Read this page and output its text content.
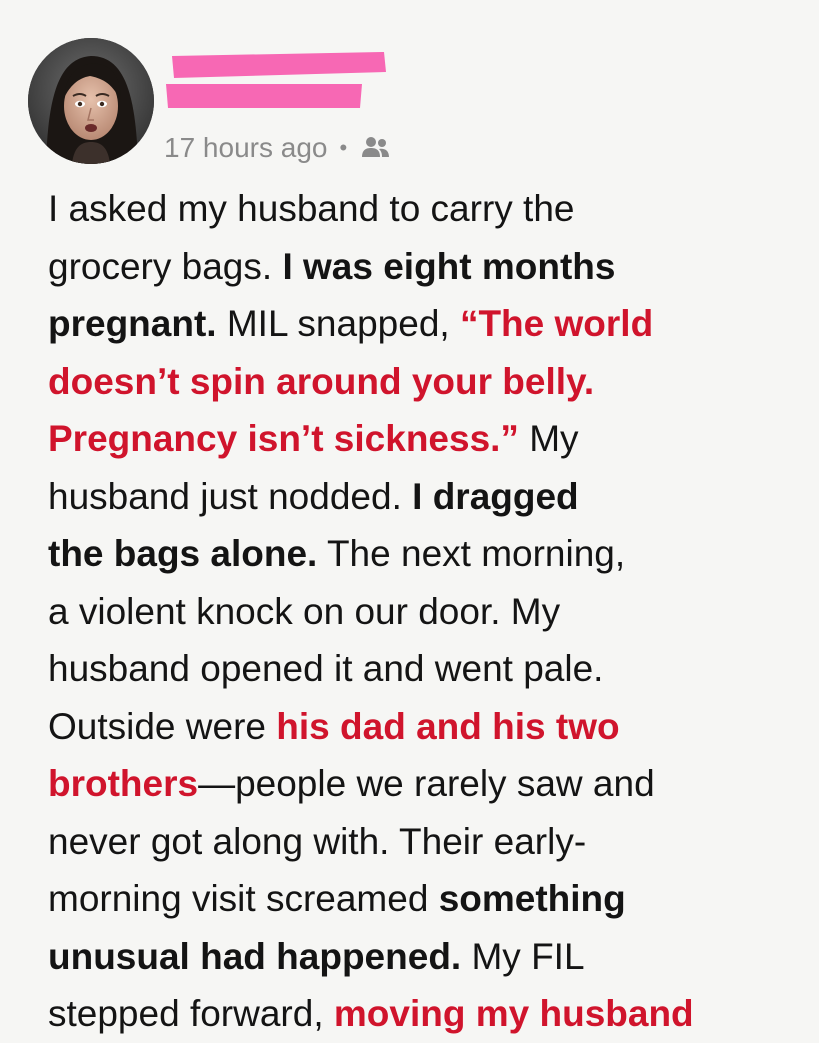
17 hours ago •

I asked my husband to carry the
grocery bags. I was eight months
pregnant. MIL snapped, “The world
doesn’t spin around your belly.
Pregnancy isn’t sickness.” My
husband just nodded. I dragged
the bags alone. The next morning,
a violent knock on our door. My
husband opened it and went pale.
Outside were his dad and his two
brothers—people we rarely saw and
never got along with. Their early-
morning visit screamed something
unusual had happened. My FIL
stepped forward, moving my husband
